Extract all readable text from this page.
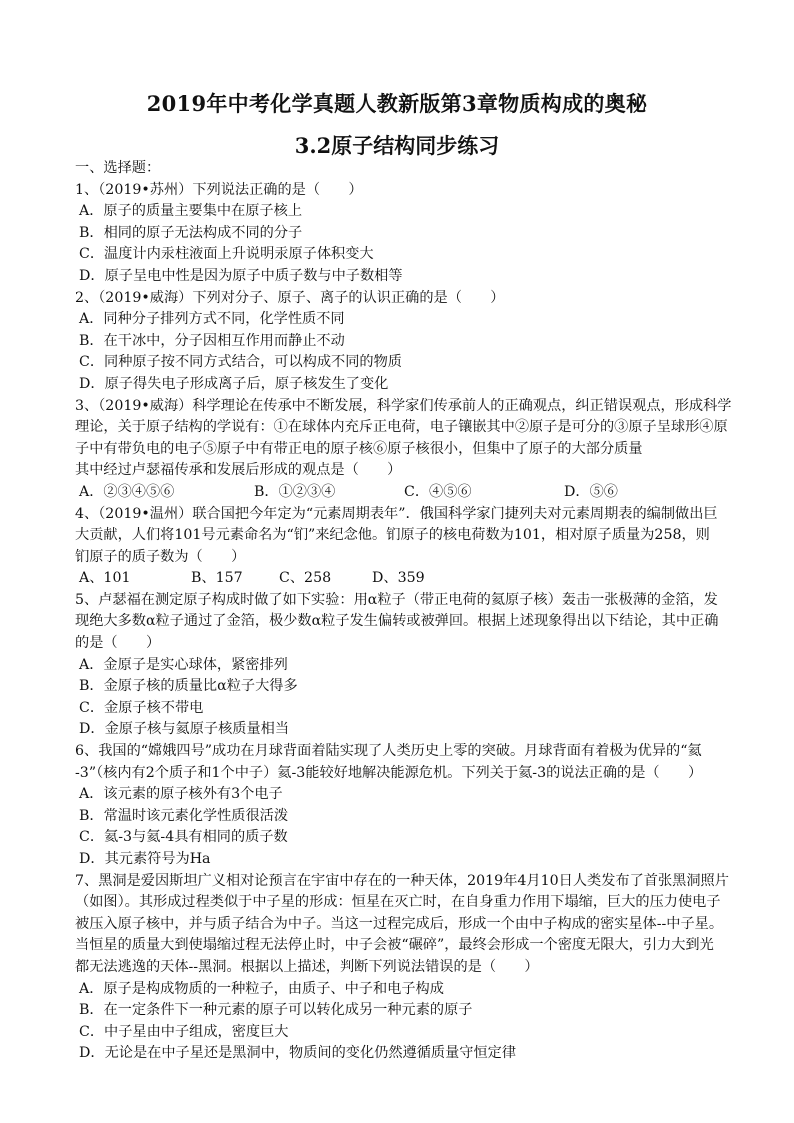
2019年中考化学真题人教新版第3章物质构成的奥秘
3.2原子结构同步练习
一、选择题：
1、（2019•苏州）下列说法正确的是（　　）
A．原子的质量主要集中在原子核上
B．相同的原子无法构成不同的分子
C．温度计内汞柱液面上升说明汞原子体积变大
D．原子呈电中性是因为原子中质子数与中子数相等
2、（2019•威海）下列对分子、原子、离子的认识正确的是（　　）
A．同种分子排列方式不同，化学性质不同
B．在干冰中，分子因相互作用而静止不动
C．同种原子按不同方式结合，可以构成不同的物质
D．原子得失电子形成离子后，原子核发生了变化
3、（2019•威海）科学理论在传承中不断发展，科学家们传承前人的正确观点，纠正错误观点，形成科学
理论，关于原子结构的学说有：①在球体内充斥正电荷，电子镶嵌其中②原子是可分的③原子呈球形④原
子中有带负电的电子⑤原子中有带正电的原子核⑥原子核很小，但集中了原子的大部分质量
其中经过卢瑟福传承和发展后形成的观点是（　　）
A．②③④⑤⑥	B．①②③④	C．④⑤⑥	D．⑤⑥
4、（2019•温州）联合国把今年定为“元素周期表年”．俄国科学家门捷列夫对元素周期表的编制做出巨
大贡献，人们将101号元素命名为“钔”来纪念他。钔原子的核电荷数为101，相对原子质量为258，则
钔原子的质子数为（　　）
A、101	B、157	C、258	D、359
5、卢瑟福在测定原子构成时做了如下实验：用α粒子（带正电荷的氦原子核）轰击一张极薄的金箔，发
现绝大多数α粒子通过了金箔，极少数α粒子发生偏转或被弹回。根据上述现象得出以下结论，其中正确
的是（　　）
A．金原子是实心球体，紧密排列
B．金原子核的质量比α粒子大得多
C．金原子核不带电
D．金原子核与氦原子核质量相当
6、我国的“嫦娥四号”成功在月球背面着陆实现了人类历史上零的突破。月球背面有着极为优异的“氦
-3”（核内有2个质子和1个中子）氦-3能较好地解决能源危机。下列关于氦-3的说法正确的是（　　）
A．该元素的原子核外有3个电子
B．常温时该元素化学性质很活泼
C．氦-3与氦-4具有相同的质子数
D．其元素符号为Ha
7、黑洞是爱因斯坦广义相对论预言在宇宙中存在的一种天体，2019年4月10日人类发布了首张黑洞照片
（如图）。其形成过程类似于中子星的形成：恒星在灭亡时，在自身重力作用下塌缩，巨大的压力使电子
被压入原子核中，并与质子结合为中子。当这一过程完成后，形成一个由中子构成的密实星体--中子星。
当恒星的质量大到使塌缩过程无法停止时，中子会被“碾碎”，最终会形成一个密度无限大，引力大到光
都无法逃逸的天体--黑洞。根据以上描述，判断下列说法错误的是（　　）
A．原子是构成物质的一种粒子，由质子、中子和电子构成
B．在一定条件下一种元素的原子可以转化成另一种元素的原子
C．中子星由中子组成，密度巨大
D．无论是在中子星还是黑洞中，物质间的变化仍然遵循质量守恒定律
